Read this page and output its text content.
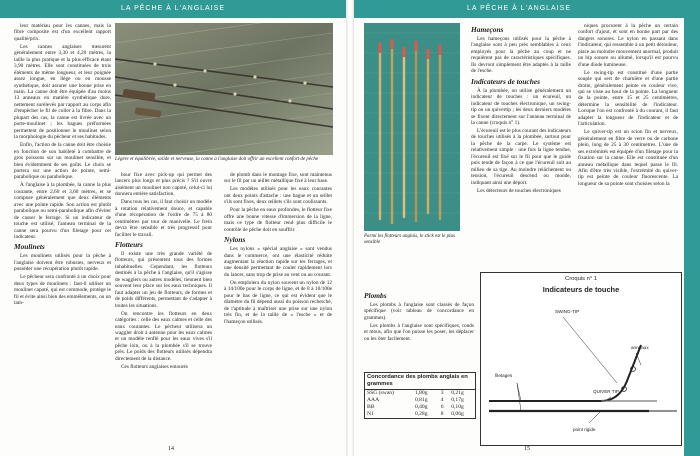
LA PÊCHE À L'ANGLAISE

leur matériau pour les cannes, mais la fibre composite est d'un excellent rapport qualité/prix.

Les cannes anglaises mesurent généralement entre 3,30 et 4,20 mètres, la taille la plus pratique et la plus efficace étant 3,90 mètres. Elle sont constituées de trois éléments de même longueur, et leur poignée assez longue, en liège ou en mousse synthétique, doit assurer une bonne prise en main. La canne doit être équipée d'au moins 13 anneaux en matière synthétique dure, nettement surélevés par rapport au corps afin d'empêcher le fil de coller à la fibre. Dans la plupart des cas, la canne est livrée avec un porte-moulinet ; les bagues préformées permettent de positionner le moulinet selon la morphologie du pêcheur et ses habitudes.

Enfin, l'action de la canne doit être choisie en fonction de son habileté à combattre de gros poissons sur un moulinet sensible, et bien évidemment de ses goûts. Le choix se portera sur une action de pointe, semi-parabolique ou parabolique.

À l'anglaise à la plombée, la canne la plus courante, entre 2,60 et 3,60 mètres, et se compose généralement que deux éléments avec une pointe rapide. Son action est plutôt parabolique ou semi-parabolique afin d'éviter de casser le ferrage. Si un indicateur de touche est utilisé, l'anneau terminal de la canne sera pourvu d'un filetage pour cet indicateur.

Moulinets

Les moulinets utilisés pour la pêche à l'anglaise doivent être robustes, nerveux et posséder une récupération plutôt rapide.

Le pêcheur sera confronté à un choix pour deux types de moulinets : faut-il utiliser un moulinet capoté, qui est commode, protège le fil et évite ainsi bien des emmêlements, ou un tam-

Légère et équilibrée, solide et nerveuse, la canne à l'anglaise doit offrir un excellent confort de pêche

bour fixe avec pick-up qui permet des lancers plus longs et plus précis ? S'il ouvre aisément un moulinet non capoté, celui-ci lui donnera entière satisfaction.

Dans tous les cas, il faut choisir un modèle à rotation relativement douce, et capable d'une récupération de l'ordre de 75 à 80 centimètres par tour de manivelle. Le frein devra être sensible et très progressif pour faciliter le travail.

Flotteurs

Il existe une très grande variété de flotteurs, qui présentent tous des formes inhabituelles. Cependant, les flotteurs destinés à la pêche à l'anglaise, qu'il s'agisse de wagglers ou autres modèles, tiennent bien souvent leur place sur les eaux techniques. Il faut adapter un jeu de flotteurs, de formes et de poids différents, permettant de s'adapter à toutes les situations.

On rencontre les flotteurs en deux catégories : celle des eaux calmes et celle des eaux courantes. Le pêcheur utilisera un waggler droit à antenne pour les eaux calmes et un modèle renflé pour les eaux vives s'il pêche loin, ou à la plombée s'il se trouve près. Le poids des flotteurs utilisés dépendra directement de la distance.

Ces flotteurs anglaises entourés

de plomb dans le montage fixe, sont maintenus sur le fil par un œillet métallique fixé à leur base.

Les modèles utilisés pour les eaux courantes ont deux points d'attache : une bague et un œillet s'ils sont fixes, deux œillets s'ils sont coulissants.

Pour la pêche en eaux profondes, le flotteur fixe offre une bonne vitesse d'immersion de la ligne, mais ce type de flotteur rend plus difficile le contrôle de pêche doit en souffrir.

Nylons

Les nylons « spécial anglaise » sont vendus dans le commerce, ont une élasticité réduite augmentant la réaction rapide sur les ferrages, et une densité permettant de couler rapidement lors du lancer, sans trop de prise au vent ou au courant.

On emploiera du nylon souvent un nylon de 12 à 14/100e pour le corps de ligne, et de 8 à 10/100e pour le bas de ligne, ce qui est évident que le diamètre du fil dépend aussi du poisson recherché, de l'aptitude à maîtriser une prise sur une nylon très fin, et de la taille de « l'esche » et de l'hameçon utilisés.

14
LA PÊCHE À L'ANGLAISE
Parmi les flotteurs anglais, le stick est le plus sensible
Hameçons

Les hameçons utilisés pour la pêche à l'anglaise sont à peu près semblables à ceux employés pour la pêche au coup et ne requièrent pas de caractéristiques spécifiques. Ils devront simplement être adaptés à la taille de l'esche.

Indicateurs de touches

À la plombée, on utilise généralement un indicateur de touches : un écureuil, un indicateur de touches électronique, un swing-tip ou un quivertip ; les deux derniers modèles se fixent directement sur l'anneau terminal de la canne (croquis n° 1).

L'écureuil est le plus courant des indicateurs de touches utilisés à la plombée, surtout pour la pêche de la carpe. Le système est relativement simple : une fois la ligne tendue, l'écureuil est fixé sur le fil pour que le guide puis tende de façon à ce que l'écureuil soit au milieu de sa tige. Au moindre relâchement ou tension, l'écureuil descend ou monde, indiquant ainsi une déport.

Les détecteurs de touches électroniques

niques procurent à la pêche un certain confort d'ajout, et sont en bonne part par des dangers sonores. Le nylon en passant dans l'indicateur, qui ressemble à un petit dérouleur, place au moindre mouvement anormal, produit un bip sonore ou allumé, lorsqu'il est pourvu d'une diode lumineuse.

Le swing-tip est constitué d'une partie souple qui sert de charnière et d'une partie droite, généralement peinte en couleur vive, qui se visse au bout de la pointe. La longueur de la pointe, entre 15 et 25 centimètres, détermine la sensibilité de l'indicateur. Lorsque l'on est confronté à du courant, il faut adapter la longueur de l'indicateur et de l'articulation.

Le quiver-tip est un scion fin et nerveux, généralement en fibre de verre ou de carbone plein, long de 25 à 30 centimètres. L'une de ses extrémités est équipée d'un filetage pour la fixation sur la canne. Elle est constituée d'un anneau métallique dans lequel passe le fil. Afin d'être très visible, l'extrémité du quiver-tip est peinte de couleur fluorescente. La longueur de sa pointe sont choisies selon la

Plombs

Les plombs à l'anglaise sont classés de façon spécifique (voir tableau de concordance en grammes).

Les plombs à l'anglaise sont spécifiques, ronds et mous, afin que l'on puisse les poser, les déplacer ou les ôter facilement.

Concordance des plombs anglais en grammes
SSG (swan)	1,80g	3	0,21g
AAA	0,81g	4	0,17g
BB	0,40g	6	0,10g
N1	0,28g	8	0,06g
Croquis n° 1
Indicateurs de touche
SWING-TIP
anneaux
filetages
QUIVER TIP
point rigide
15
